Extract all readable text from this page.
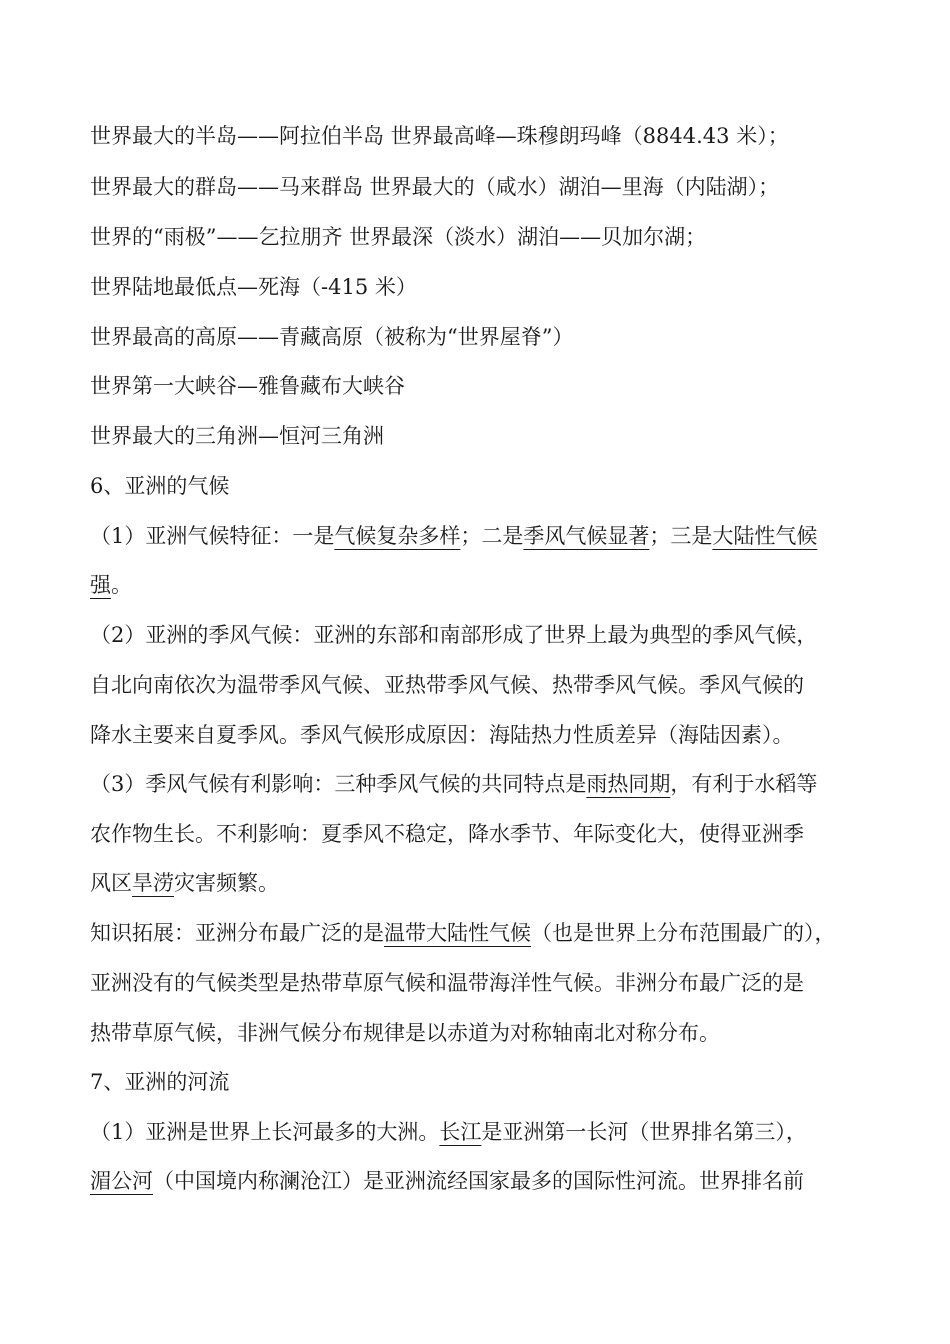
世界最大的半岛——阿拉伯半岛 世界最高峰—珠穆朗玛峰（8844.43 米）；
世界最大的群岛——马来群岛 世界最大的（咸水）湖泊—里海（内陆湖）；
世界的“雨极”——乞拉朋齐 世界最深（淡水）湖泊——贝加尔湖；
世界陆地最低点—死海（-415 米）
世界最高的高原——青藏高原（被称为“世界屋脊”）
世界第一大峡谷—雅鲁藏布大峡谷
世界最大的三角洲—恒河三角洲
6、亚洲的气候
（1）亚洲气候特征：一是气候复杂多样；二是季风气候显著；三是大陆性气候
强。
（2）亚洲的季风气候：亚洲的东部和南部形成了世界上最为典型的季风气候，
自北向南依次为温带季风气候、亚热带季风气候、热带季风气候。季风气候的
降水主要来自夏季风。季风气候形成原因：海陆热力性质差异（海陆因素）。
（3）季风气候有利影响：三种季风气候的共同特点是雨热同期，有利于水稻等
农作物生长。不利影响：夏季风不稳定，降水季节、年际变化大，使得亚洲季
风区旱涝灾害频繁。
知识拓展：亚洲分布最广泛的是温带大陆性气候（也是世界上分布范围最广的），
亚洲没有的气候类型是热带草原气候和温带海洋性气候。非洲分布最广泛的是
热带草原气候，非洲气候分布规律是以赤道为对称轴南北对称分布。
7、亚洲的河流
（1）亚洲是世界上长河最多的大洲。长江是亚洲第一长河（世界排名第三），
湄公河（中国境内称澜沧江）是亚洲流经国家最多的国际性河流。世界排名前
